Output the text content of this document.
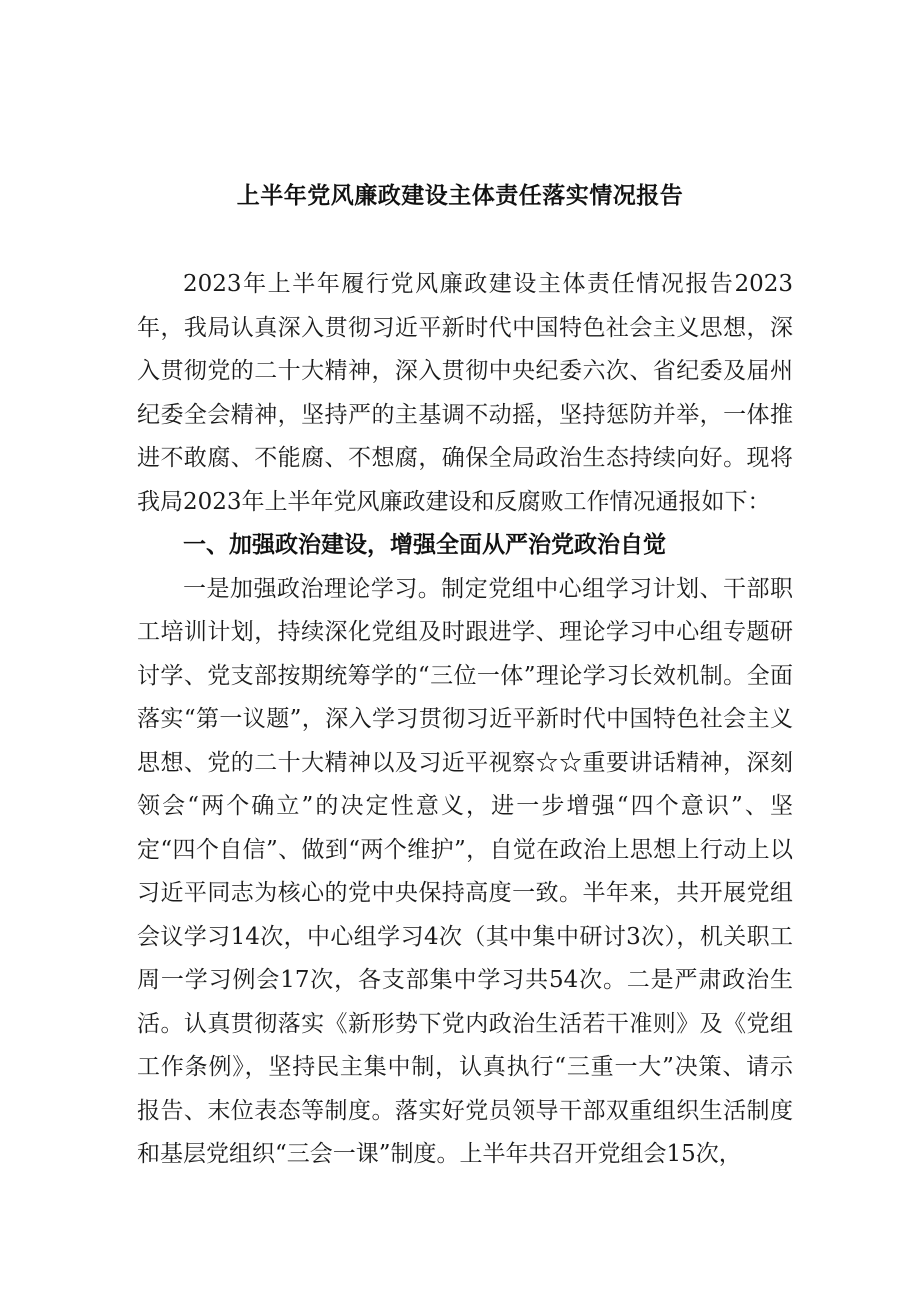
上半年党风廉政建设主体责任落实情况报告

2023年上半年履行党风廉政建设主体责任情况报告2023年，我局认真深入贯彻习近平新时代中国特色社会主义思想，深入贯彻党的二十大精神，深入贯彻中央纪委六次、省纪委及届州纪委全会精神，坚持严的主基调不动摇，坚持惩防并举，一体推进不敢腐、不能腐、不想腐，确保全局政治生态持续向好。现将我局2023年上半年党风廉政建设和反腐败工作情况通报如下：

一、加强政治建设，增强全面从严治党政治自觉

一是加强政治理论学习。制定党组中心组学习计划、干部职工培训计划，持续深化党组及时跟进学、理论学习中心组专题研讨学、党支部按期统筹学的“三位一体”理论学习长效机制。全面落实“第一议题”，深入学习贯彻习近平新时代中国特色社会主义思想、党的二十大精神以及习近平视察☆☆重要讲话精神，深刻领会“两个确立”的决定性意义，进一步增强“四个意识”、坚定“四个自信”、做到“两个维护”，自觉在政治上思想上行动上以习近平同志为核心的党中央保持高度一致。半年来，共开展党组会议学习14次，中心组学习4次（其中集中研讨3次），机关职工周一学习例会17次，各支部集中学习共54次。二是严肃政治生活。认真贯彻落实《新形势下党内政治生活若干准则》及《党组工作条例》，坚持民主集中制，认真执行“三重一大”决策、请示报告、末位表态等制度。落实好党员领导干部双重组织生活制度和基层党组织“三会一课”制度。上半年共召开党组会15次，
